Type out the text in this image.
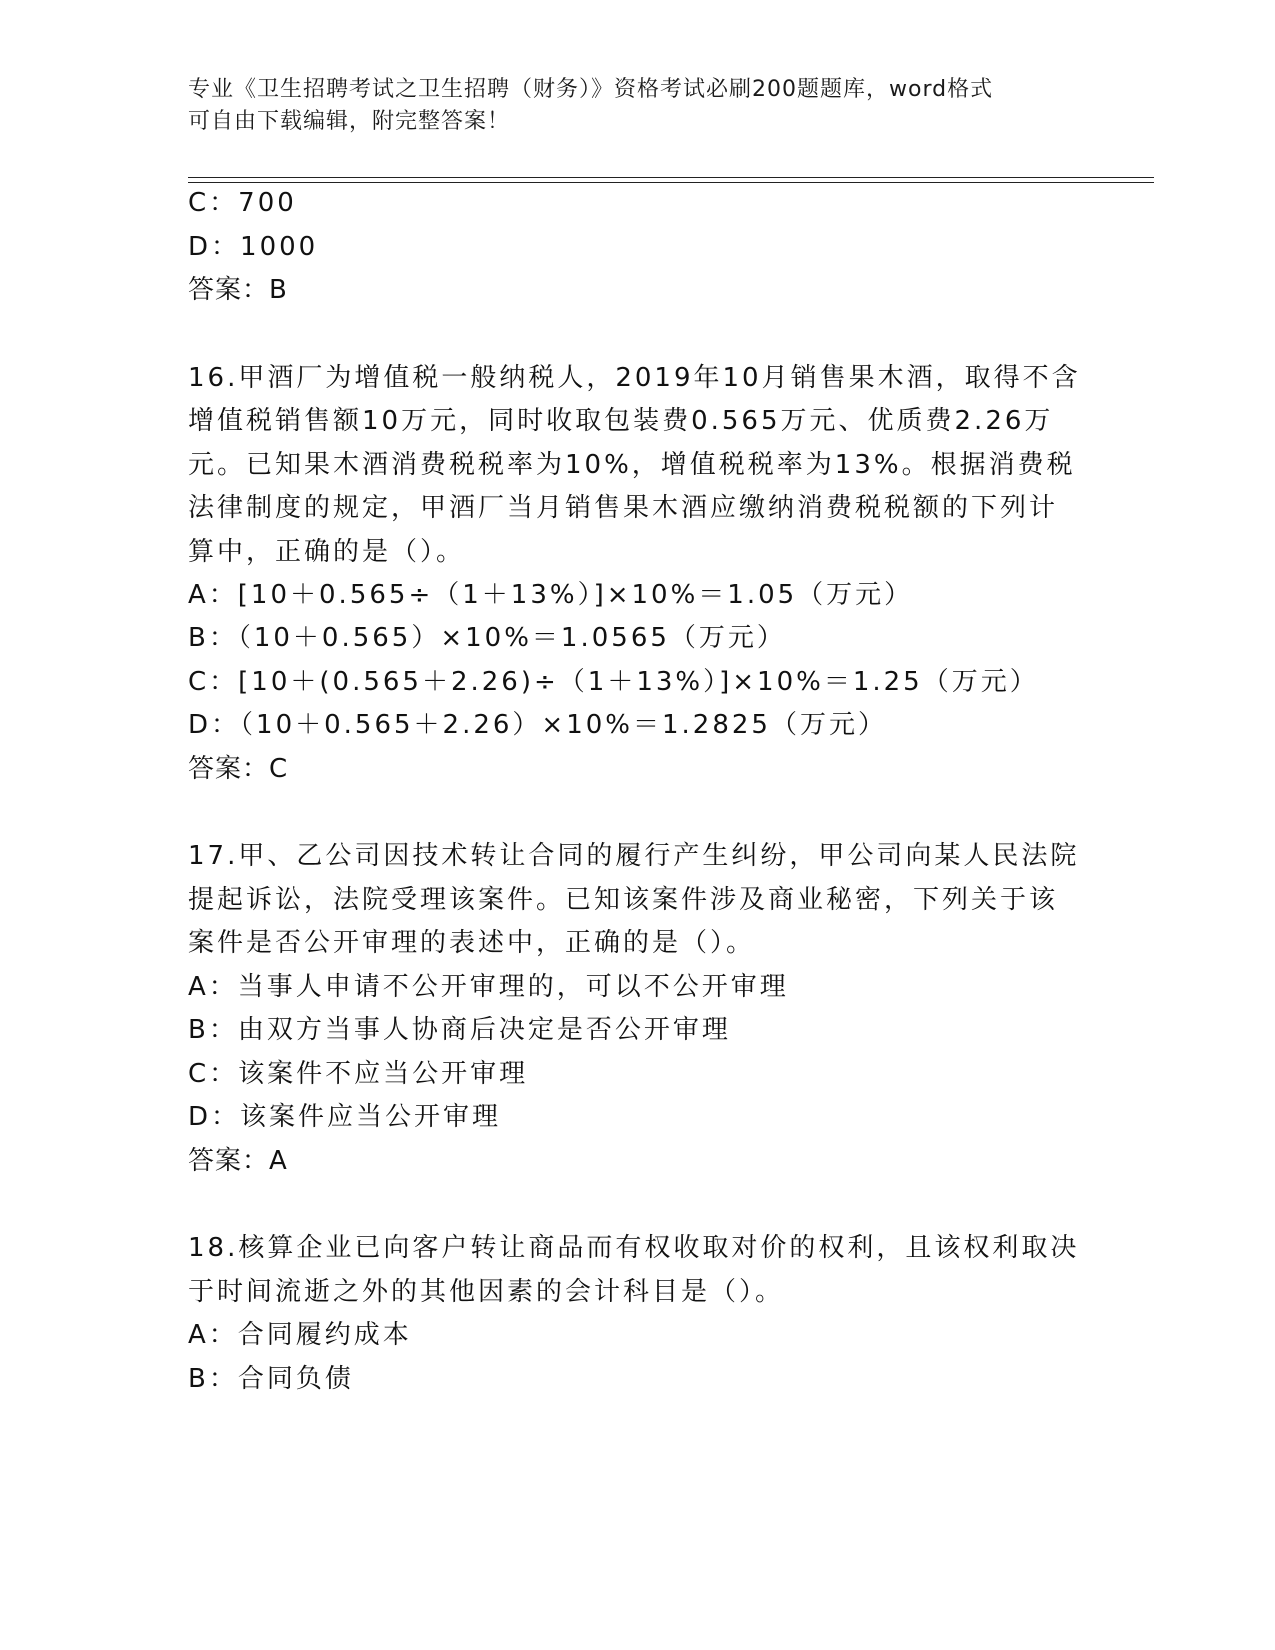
专业《卫生招聘考试之卫生招聘（财务）》资格考试必刷200题题库，word格式
可自由下载编辑，附完整答案！
C：700
D：1000
答案：B
16.甲酒厂为增值税一般纳税人，2019年10月销售果木酒，取得不含
增值税销售额10万元，同时收取包装费0.565万元、优质费2.26万
元。已知果木酒消费税税率为10%，增值税税率为13%。根据消费税
法律制度的规定，甲酒厂当月销售果木酒应缴纳消费税税额的下列计
算中，正确的是（）。
A：[10＋0.565÷（1＋13%）]×10%＝1.05（万元）
B：（10＋0.565）×10%＝1.0565（万元）
C：[10＋(0.565＋2.26)÷（1＋13%）]×10%＝1.25（万元）
D：（10＋0.565＋2.26）×10%＝1.2825（万元）
答案：C
17.甲、乙公司因技术转让合同的履行产生纠纷，甲公司向某人民法院
提起诉讼，法院受理该案件。已知该案件涉及商业秘密，下列关于该
案件是否公开审理的表述中，正确的是（）。
A：当事人申请不公开审理的，可以不公开审理
B：由双方当事人协商后决定是否公开审理
C：该案件不应当公开审理
D：该案件应当公开审理
答案：A
18.核算企业已向客户转让商品而有权收取对价的权利，且该权利取决
于时间流逝之外的其他因素的会计科目是（）。
A：合同履约成本
B：合同负债
